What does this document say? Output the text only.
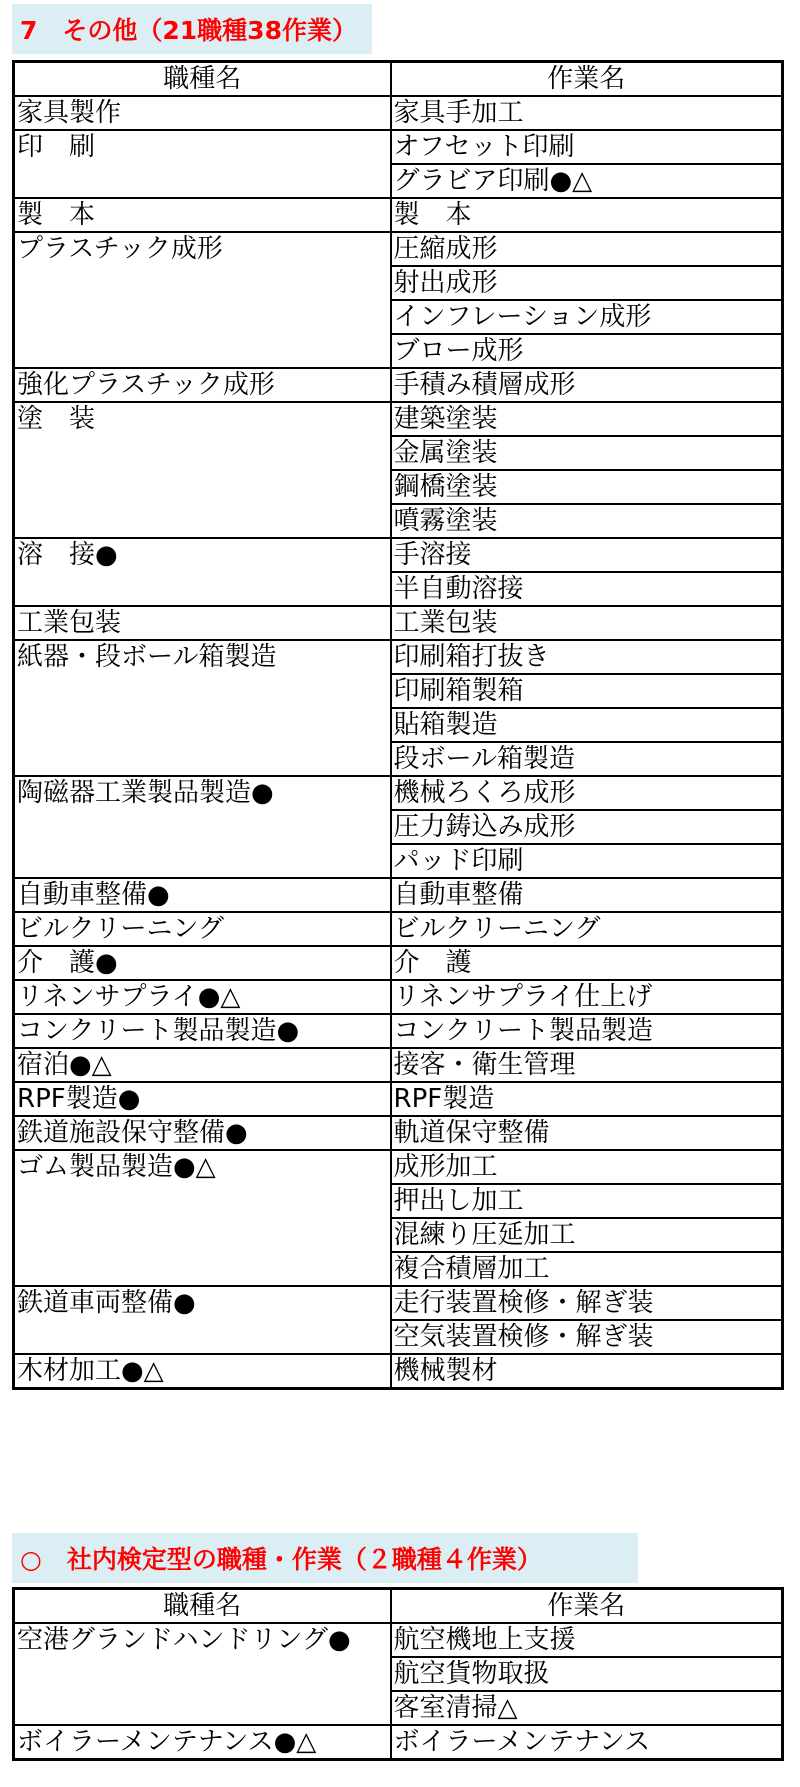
7　その他（21職種38作業）
職種名	作業名
家具製作	家具手加工
印　刷	オフセット印刷
	グラビア印刷●△
製　本	製　本
プラスチック成形	圧縮成形
	射出成形
	インフレーション成形
	ブロー成形
強化プラスチック成形	手積み積層成形
塗　装	建築塗装
	金属塗装
	鋼橋塗装
	噴霧塗装
溶　接●	手溶接
	半自動溶接
工業包装	工業包装
紙器・段ボール箱製造	印刷箱打抜き
	印刷箱製箱
	貼箱製造
	段ボール箱製造
陶磁器工業製品製造●	機械ろくろ成形
	圧力鋳込み成形
	パッド印刷
自動車整備●	自動車整備
ビルクリーニング	ビルクリーニング
介　護●	介　護
リネンサプライ●△	リネンサプライ仕上げ
コンクリート製品製造●	コンクリート製品製造
宿泊●△	接客・衛生管理
RPF製造●	RPF製造
鉄道施設保守整備●	軌道保守整備
ゴム製品製造●△	成形加工
	押出し加工
	混練り圧延加工
	複合積層加工
鉄道車両整備●	走行装置検修・解ぎ装
	空気装置検修・解ぎ装
木材加工●△	機械製材
○　社内検定型の職種・作業（２職種４作業）
職種名	作業名
空港グランドハンドリング●	航空機地上支援
	航空貨物取扱
	客室清掃△
ボイラーメンテナンス●△	ボイラーメンテナンス
